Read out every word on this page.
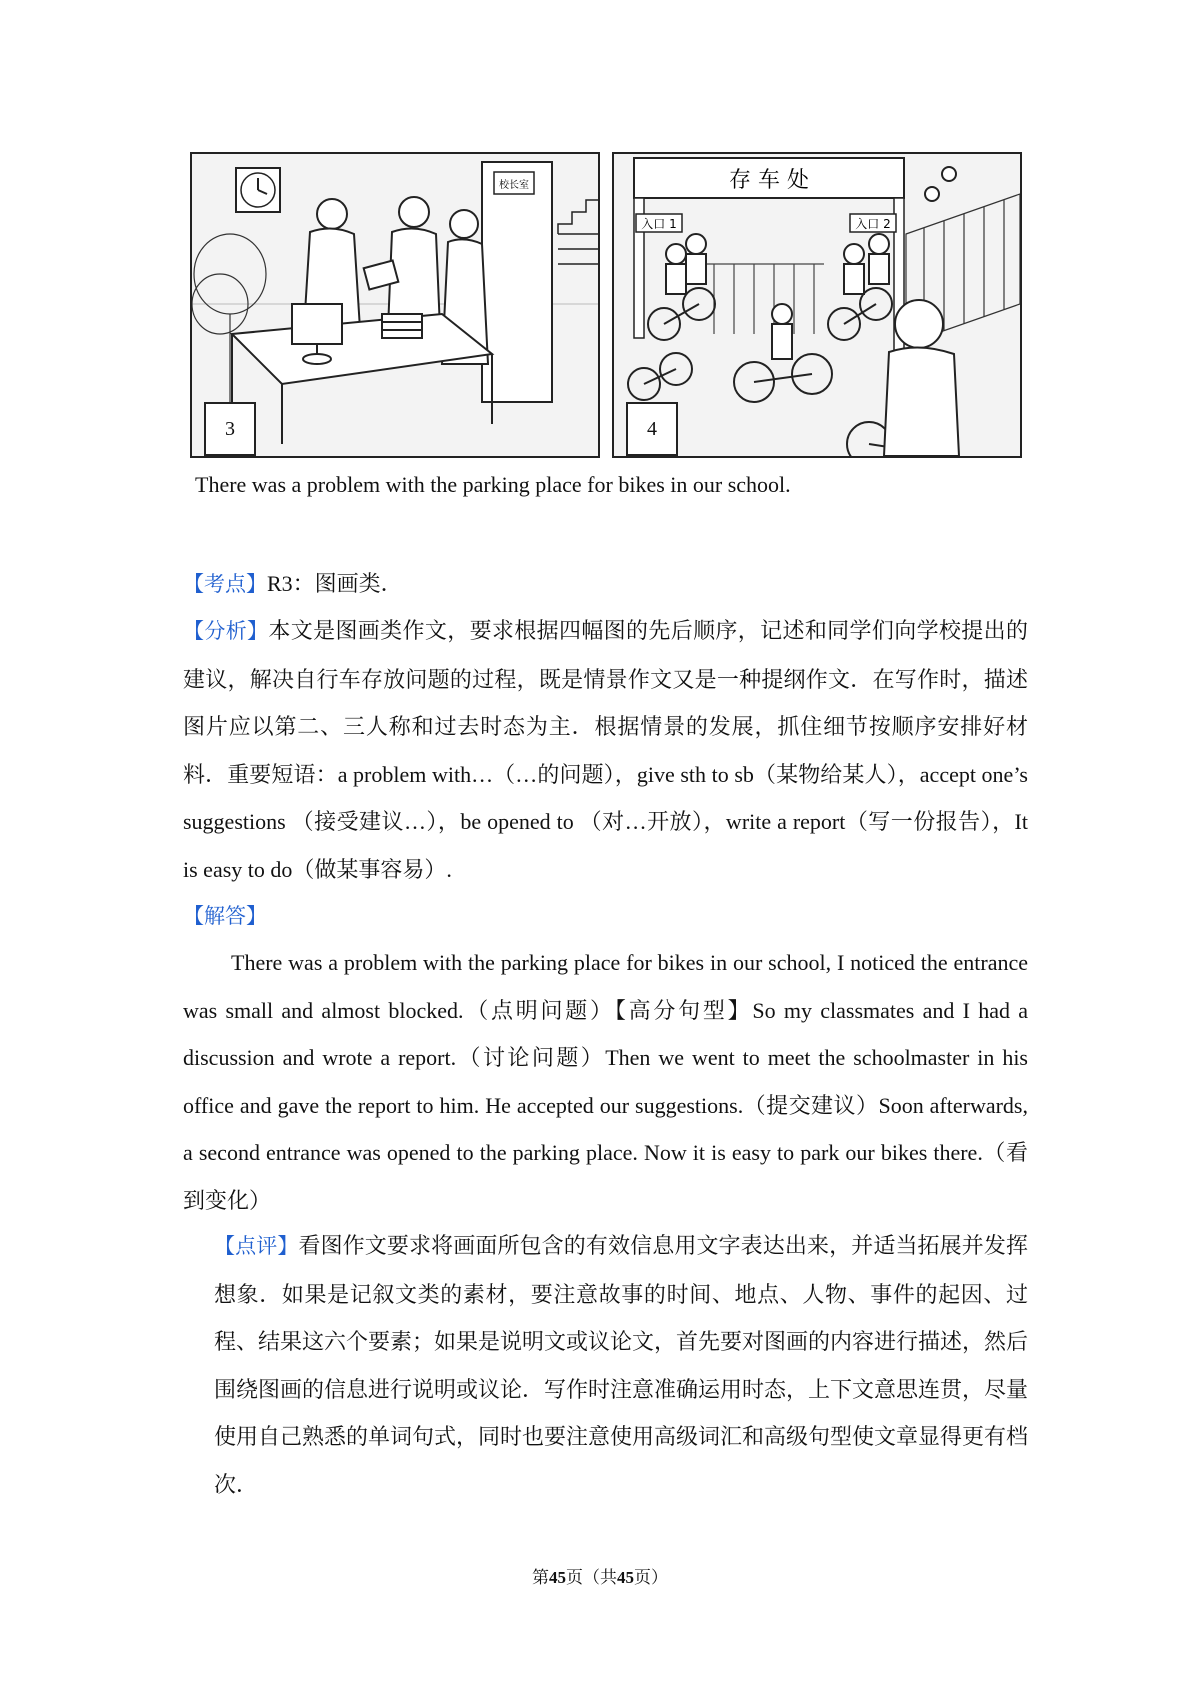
校长室
3
存 车 处
入口 1	入口 2
4
There was a problem with the parking place for bikes in our school.
【考点】R3：图画类．
【分析】本文是图画类作文，要求根据四幅图的先后顺序，记述和同学们向学校提出的建议，解决自行车存放问题的过程，既是情景作文又是一种提纲作文．在写作时，描述图片应以第二、三人称和过去时态为主．根据情景的发展，抓住细节按顺序安排好材料．重要短语：a problem with…（…的问题），give sth to sb（某物给某人），accept one’s suggestions （接受建议…），be opened to （对…开放），write a report（写一份报告），It is easy to do（做某事容易）.
【解答】
There was a problem with the parking place for bikes in our school, I noticed the entrance was small and almost blocked.（点明问题）【高分句型】So my classmates and I had a discussion and wrote a report.（讨论问题）Then we went to meet the schoolmaster in his office and gave the report to him. He accepted our suggestions.（提交建议）Soon afterwards, a second entrance was opened to the parking place. Now it is easy to park our bikes there.（看到变化）
【点评】看图作文要求将画面所包含的有效信息用文字表达出来，并适当拓展并发挥想象．如果是记叙文类的素材，要注意故事的时间、地点、人物、事件的起因、过程、结果这六个要素；如果是说明文或议论文，首先要对图画的内容进行描述，然后围绕图画的信息进行说明或议论．写作时注意准确运用时态，上下文意思连贯，尽量使用自己熟悉的单词句式，同时也要注意使用高级词汇和高级句型使文章显得更有档次．
第45页（共45页）
